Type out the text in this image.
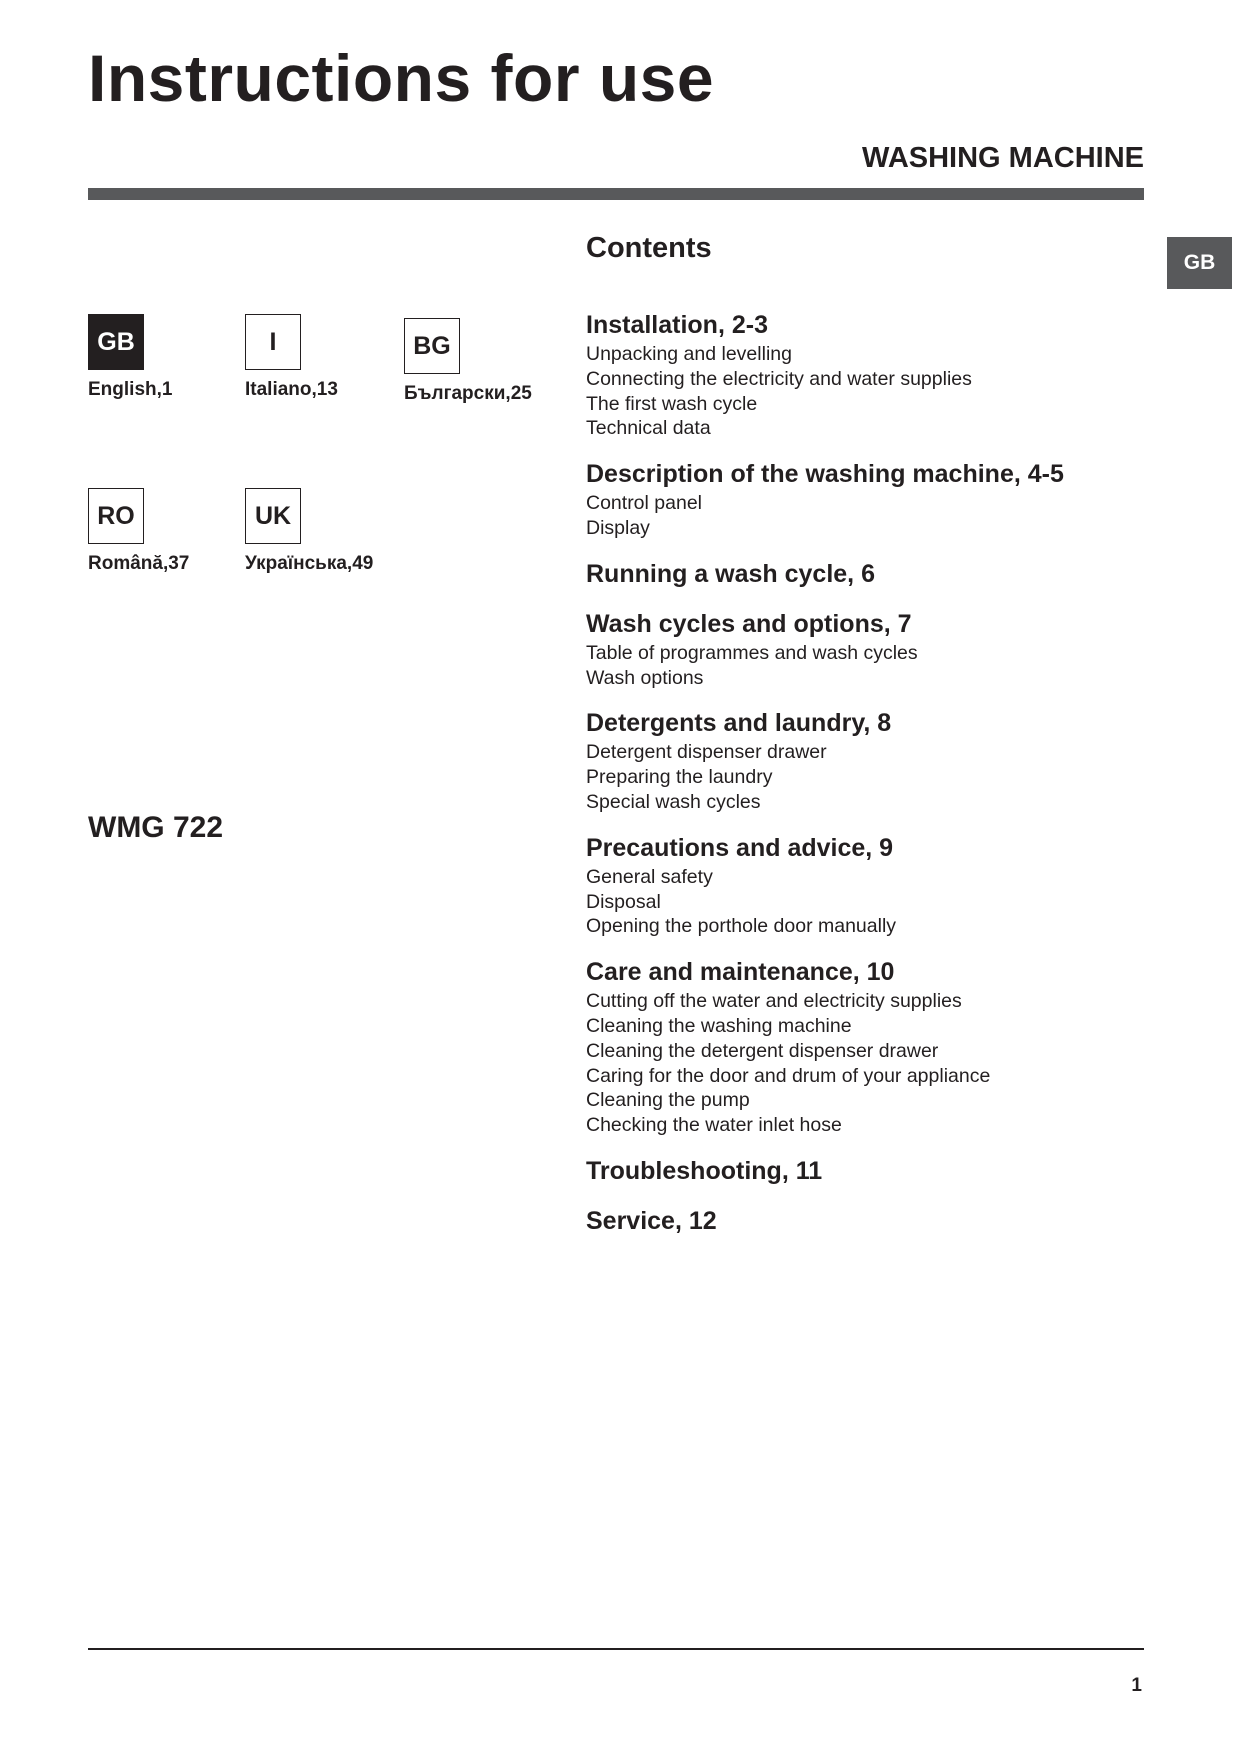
Instructions for use
WASHING MACHINE
GB
GB
English,1
I
Italiano,13
BG
Български,25
RO
Română,37
UK
Українська,49
WMG 722
Contents

Installation, 2-3

Unpacking and levelling
Connecting the electricity and water supplies
The first wash cycle
Technical data

Description of the washing machine, 4-5

Control panel
Display

Running a wash cycle, 6

Wash cycles and options, 7

Table of programmes and wash cycles
Wash options

Detergents and laundry, 8

Detergent dispenser drawer
Preparing the laundry
Special wash cycles

Precautions and advice, 9

General safety
Disposal
Opening the porthole door manually

Care and maintenance, 10

Cutting off the water and electricity supplies
Cleaning the washing machine
Cleaning the detergent dispenser drawer
Caring for the door and drum of your appliance
Cleaning the pump
Checking the water inlet hose

Troubleshooting, 11

Service, 12

1
